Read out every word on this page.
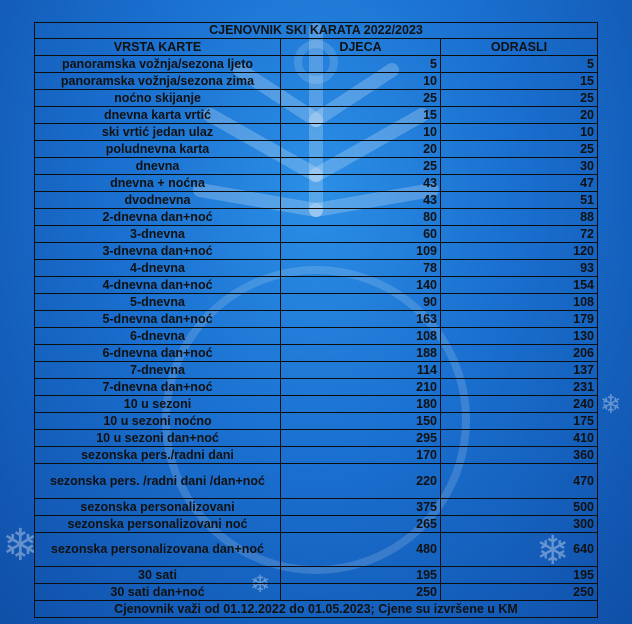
❄	❄
❄
❄
CJENOVNIK SKI KARATA 2022/2023		
VRSTA KARTE	DJECA	ODRASLI
panoramska vožnja/sezona ljeto	5	5
panoramska vožnja/sezona zima	10	15
noćno skijanje	25	25
dnevna karta vrtić	15	20
ski vrtić jedan ulaz	10	10
poludnevna karta	20	25
dnevna	25	30
dnevna + noćna	43	47
dvodnevna	43	51
2-dnevna dan+noć	80	88
3-dnevna	60	72
3-dnevna dan+noć	109	120
4-dnevna	78	93
4-dnevna dan+noć	140	154
5-dnevna	90	108
5-dnevna dan+noć	163	179
6-dnevna	108	130
6-dnevna dan+noć	188	206
7-dnevna	114	137
7-dnevna dan+noć	210	231
10 u sezoni	180	240
10 u sezoni noćno	150	175
10 u sezoni dan+noć	295	410
sezonska pers./radni dani	170	360
sezonska pers. /radni dani /dan+noć	220	470
sezonska personalizovani	375	500
sezonska personalizovani noć	265	300
sezonska personalizovana dan+noć	480	640
30 sati	195	195
30 sati dan+noć	250	250
Cjenovnik važi od 01.12.2022 do 01.05.2023; Cjene su izvršene u KM		
